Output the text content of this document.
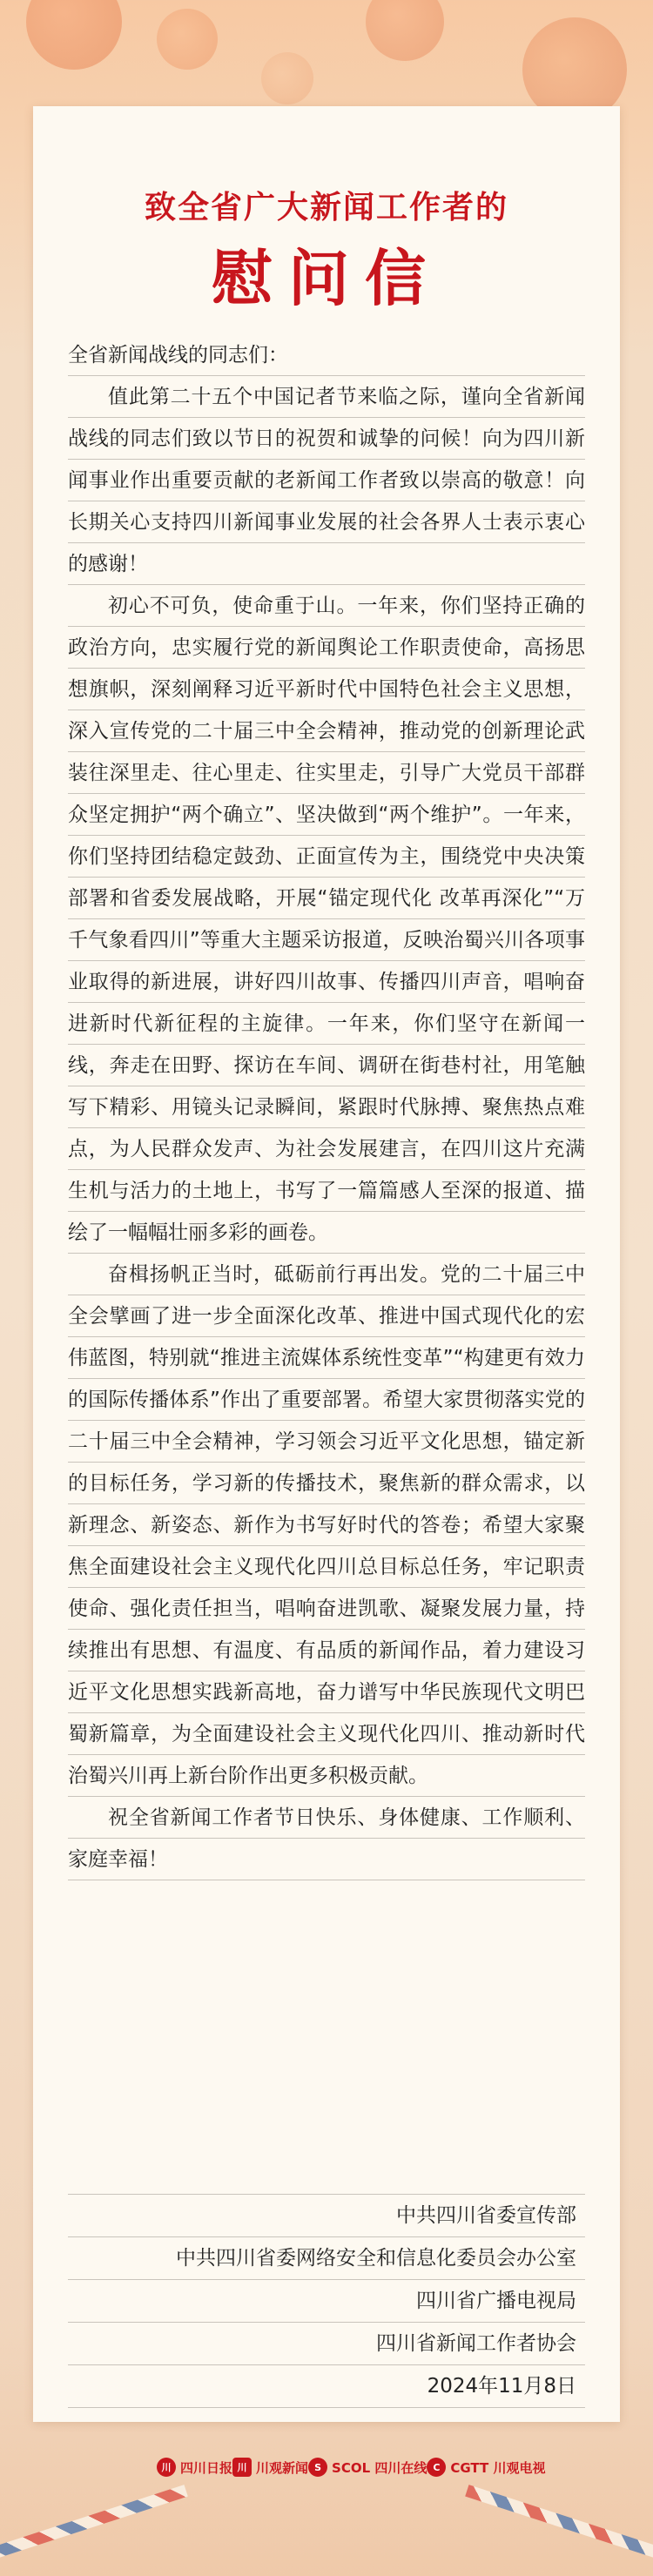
致全省广大新闻工作者的
慰问信

全省新闻战线的同志们：

值此第二十五个中国记者节来临之际，谨向全省新闻战线的同志们致以节日的祝贺和诚挚的问候！向为四川新闻事业作出重要贡献的老新闻工作者致以崇高的敬意！向长期关心支持四川新闻事业发展的社会各界人士表示衷心的感谢！

初心不可负，使命重于山。一年来，你们坚持正确的政治方向，忠实履行党的新闻舆论工作职责使命，高扬思想旗帜，深刻阐释习近平新时代中国特色社会主义思想，深入宣传党的二十届三中全会精神，推动党的创新理论武装往深里走、往心里走、往实里走，引导广大党员干部群众坚定拥护“两个确立”、坚决做到“两个维护”。一年来，你们坚持团结稳定鼓劲、正面宣传为主，围绕党中央决策部署和省委发展战略，开展“锚定现代化 改革再深化”“万千气象看四川”等重大主题采访报道，反映治蜀兴川各项事业取得的新进展，讲好四川故事、传播四川声音，唱响奋进新时代新征程的主旋律。一年来，你们坚守在新闻一线，奔走在田野、探访在车间、调研在街巷村社，用笔触写下精彩、用镜头记录瞬间，紧跟时代脉搏、聚焦热点难点，为人民群众发声、为社会发展建言，在四川这片充满生机与活力的土地上，书写了一篇篇感人至深的报道、描绘了一幅幅壮丽多彩的画卷。

奋楫扬帆正当时，砥砺前行再出发。党的二十届三中全会擘画了进一步全面深化改革、推进中国式现代化的宏伟蓝图，特别就“推进主流媒体系统性变革”“构建更有效力的国际传播体系”作出了重要部署。希望大家贯彻落实党的二十届三中全会精神，学习领会习近平文化思想，锚定新的目标任务，学习新的传播技术，聚焦新的群众需求，以新理念、新姿态、新作为书写好时代的答卷；希望大家聚焦全面建设社会主义现代化四川总目标总任务，牢记职责使命、强化责任担当，唱响奋进凯歌、凝聚发展力量，持续推出有思想、有温度、有品质的新闻作品，着力建设习近平文化思想实践新高地，奋力谱写中华民族现代文明巴蜀新篇章，为全面建设社会主义现代化四川、推动新时代治蜀兴川再上新台阶作出更多积极贡献。

祝全省新闻工作者节日快乐、身体健康、工作顺利、家庭幸福！

中共四川省委宣传部
中共四川省委网络安全和信息化委员会办公室
四川省广播电视局
四川省新闻工作者协会
2024年11月8日
川 四川日报 川 川观新闻 S SCOL 四川在线 C CGTT 川观电视
